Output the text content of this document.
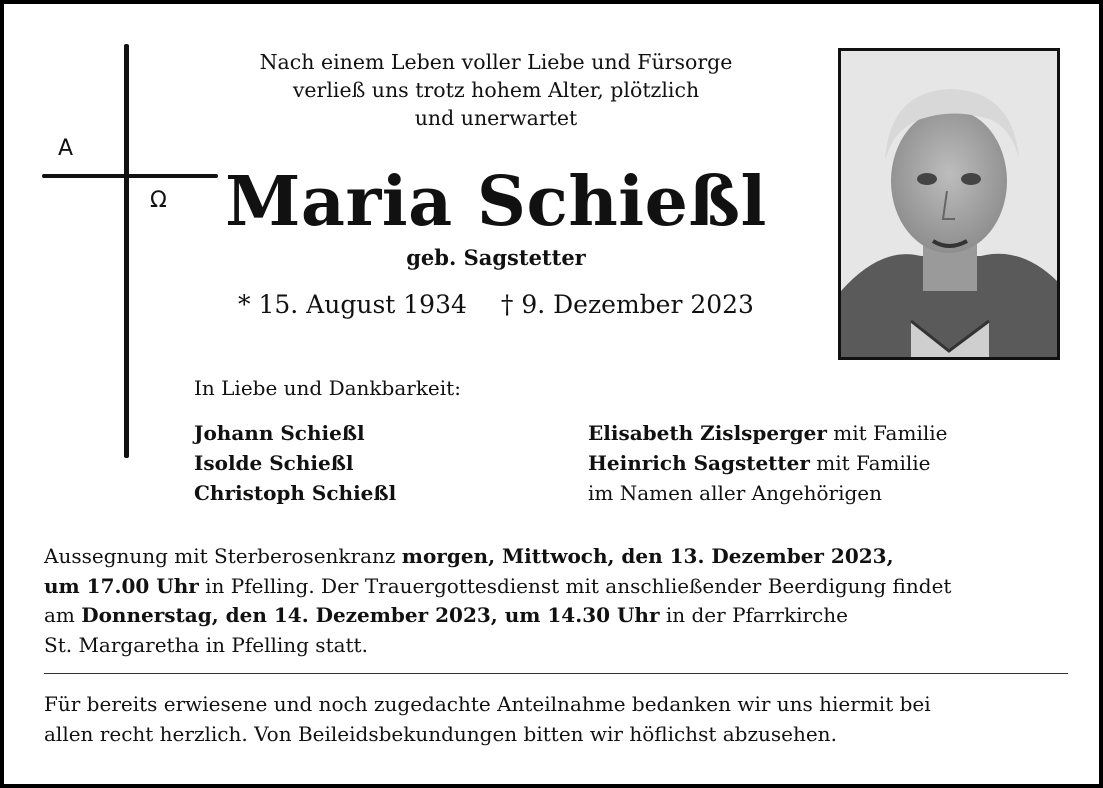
A
Ω
Nach einem Leben voller Liebe und Fürsorge
verließ uns trotz hohem Alter, plötzlich
und unerwartet
Maria Schießl
geb. Sagstetter
* 15. August 1934 † 9. Dezember 2023
In Liebe und Dankbarkeit:
Johann Schießl
Isolde Schießl
Christoph Schießl
Elisabeth Zislsperger mit Familie
Heinrich Sagstetter mit Familie
im Namen aller Angehörigen
Aussegnung mit Sterberosenkranz morgen, Mittwoch, den 13. Dezember 2023,
um 17.00 Uhr in Pfelling. Der Trauergottesdienst mit anschließender Beerdigung findet
am Donnerstag, den 14. Dezember 2023, um 14.30 Uhr in der Pfarrkirche
St. Margaretha in Pfelling statt.
Für bereits erwiesene und noch zugedachte Anteilnahme bedanken wir uns hiermit bei
allen recht herzlich. Von Beileidsbekundungen bitten wir höflichst abzusehen.
